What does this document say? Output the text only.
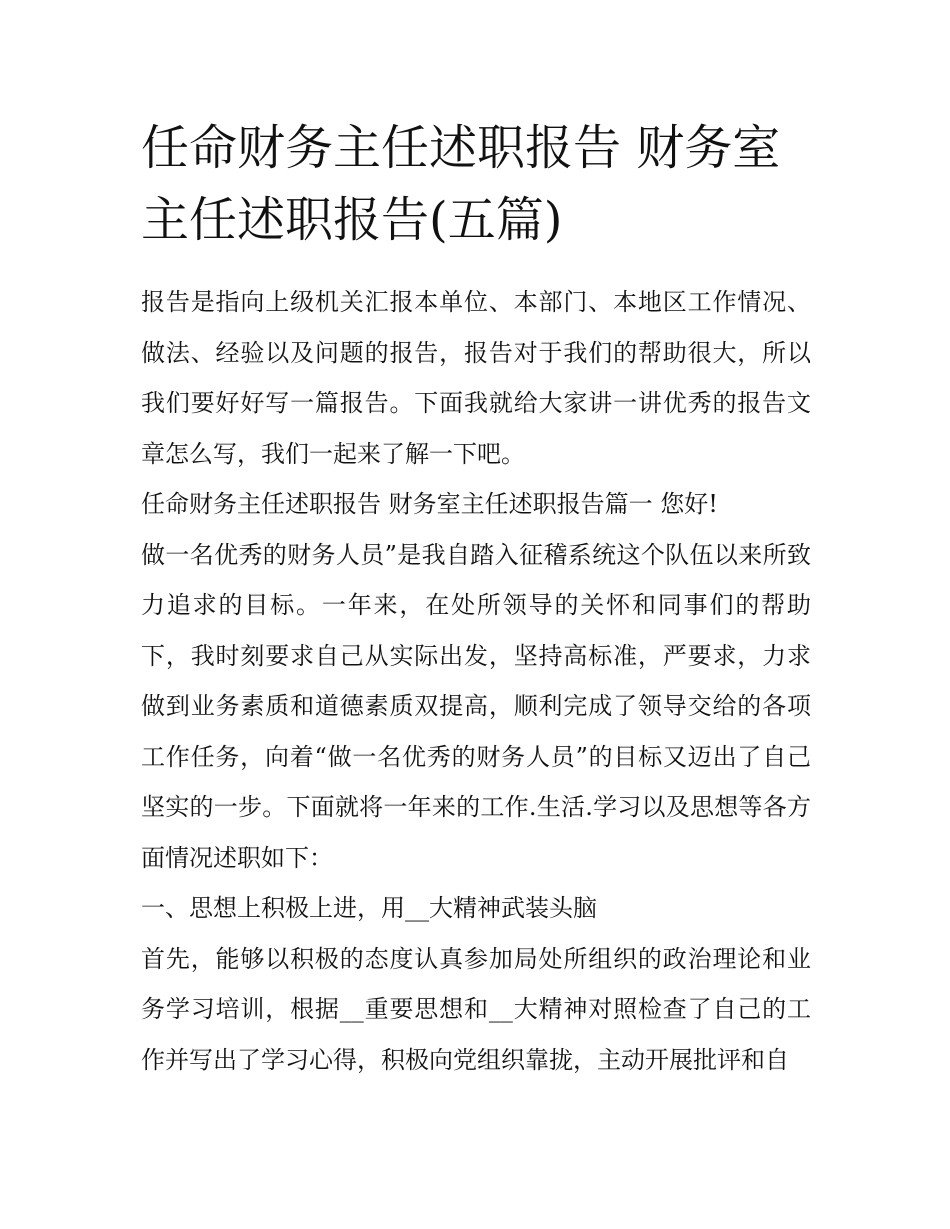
任命财务主任述职报告 财务室主任述职报告(五篇)

报告是指向上级机关汇报本单位、本部门、本地区工作情况、做法、经验以及问题的报告，报告对于我们的帮助很大，所以我们要好好写一篇报告。下面我就给大家讲一讲优秀的报告文章怎么写，我们一起来了解一下吧。

任命财务主任述职报告 财务室主任述职报告篇一 您好!

做一名优秀的财务人员”是我自踏入征稽系统这个队伍以来所致力追求的目标。一年来，在处所领导的关怀和同事们的帮助下，我时刻要求自己从实际出发，坚持高标准，严要求，力求做到业务素质和道德素质双提高，顺利完成了领导交给的各项工作任务，向着“做一名优秀的财务人员”的目标又迈出了自己坚实的一步。下面就将一年来的工作.生活.学习以及思想等各方面情况述职如下：

一、思想上积极上进，用__大精神武装头脑

首先，能够以积极的态度认真参加局处所组织的政治理论和业务学习培训，根据__重要思想和__大精神对照检查了自己的工作并写出了学习心得，积极向党组织靠拢，主动开展批评和自
